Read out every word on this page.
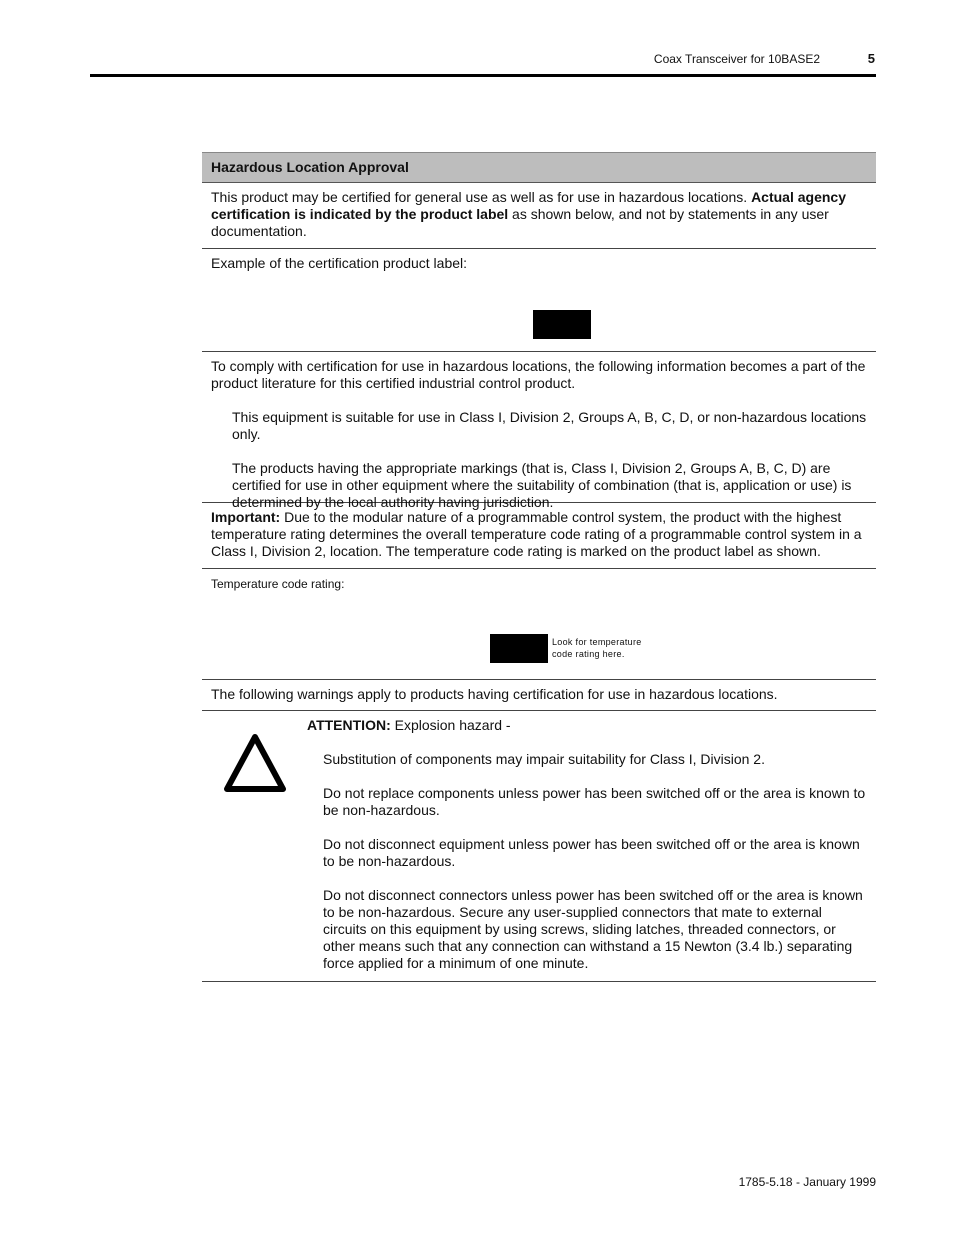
Coax Transceiver for 10BASE2	5
Hazardous Location Approval

This product may be certified for general use as well as for use in hazardous locations. Actual agency certification is indicated by the product label as shown below, and not by statements in any user documentation.

Example of the certification product label:

To comply with certification for use in hazardous locations, the following information becomes a part of the product literature for this certified industrial control product.

This equipment is suitable for use in Class I, Division 2, Groups A, B, C, D, or non-hazardous locations only.

The products having the appropriate markings (that is, Class I, Division 2, Groups A, B, C, D) are certified for use in other equipment where the suitability of combination (that is, application or use) is determined by the local authority having jurisdiction.

Important: Due to the modular nature of a programmable control system, the product with the highest temperature rating determines the overall temperature code rating of a programmable control system in a Class I, Division 2, location. The temperature code rating is marked on the product label as shown.

Temperature code rating:

Look for temperature
code rating here.

The following warnings apply to products having certification for use in hazardous locations.

ATTENTION: Explosion hazard -

Substitution of components may impair suitability for Class I, Division 2.

Do not replace components unless power has been switched off or the area is known to be non-hazardous.

Do not disconnect equipment unless power has been switched off or the area is known to be non-hazardous.

Do not disconnect connectors unless power has been switched off or the area is known to be non-hazardous. Secure any user-supplied connectors that mate to external circuits on this equipment by using screws, sliding latches, threaded connectors, or other means such that any connection can withstand a 15 Newton (3.4 lb.) separating force applied for a minimum of one minute.

1785-5.18 - January 1999
